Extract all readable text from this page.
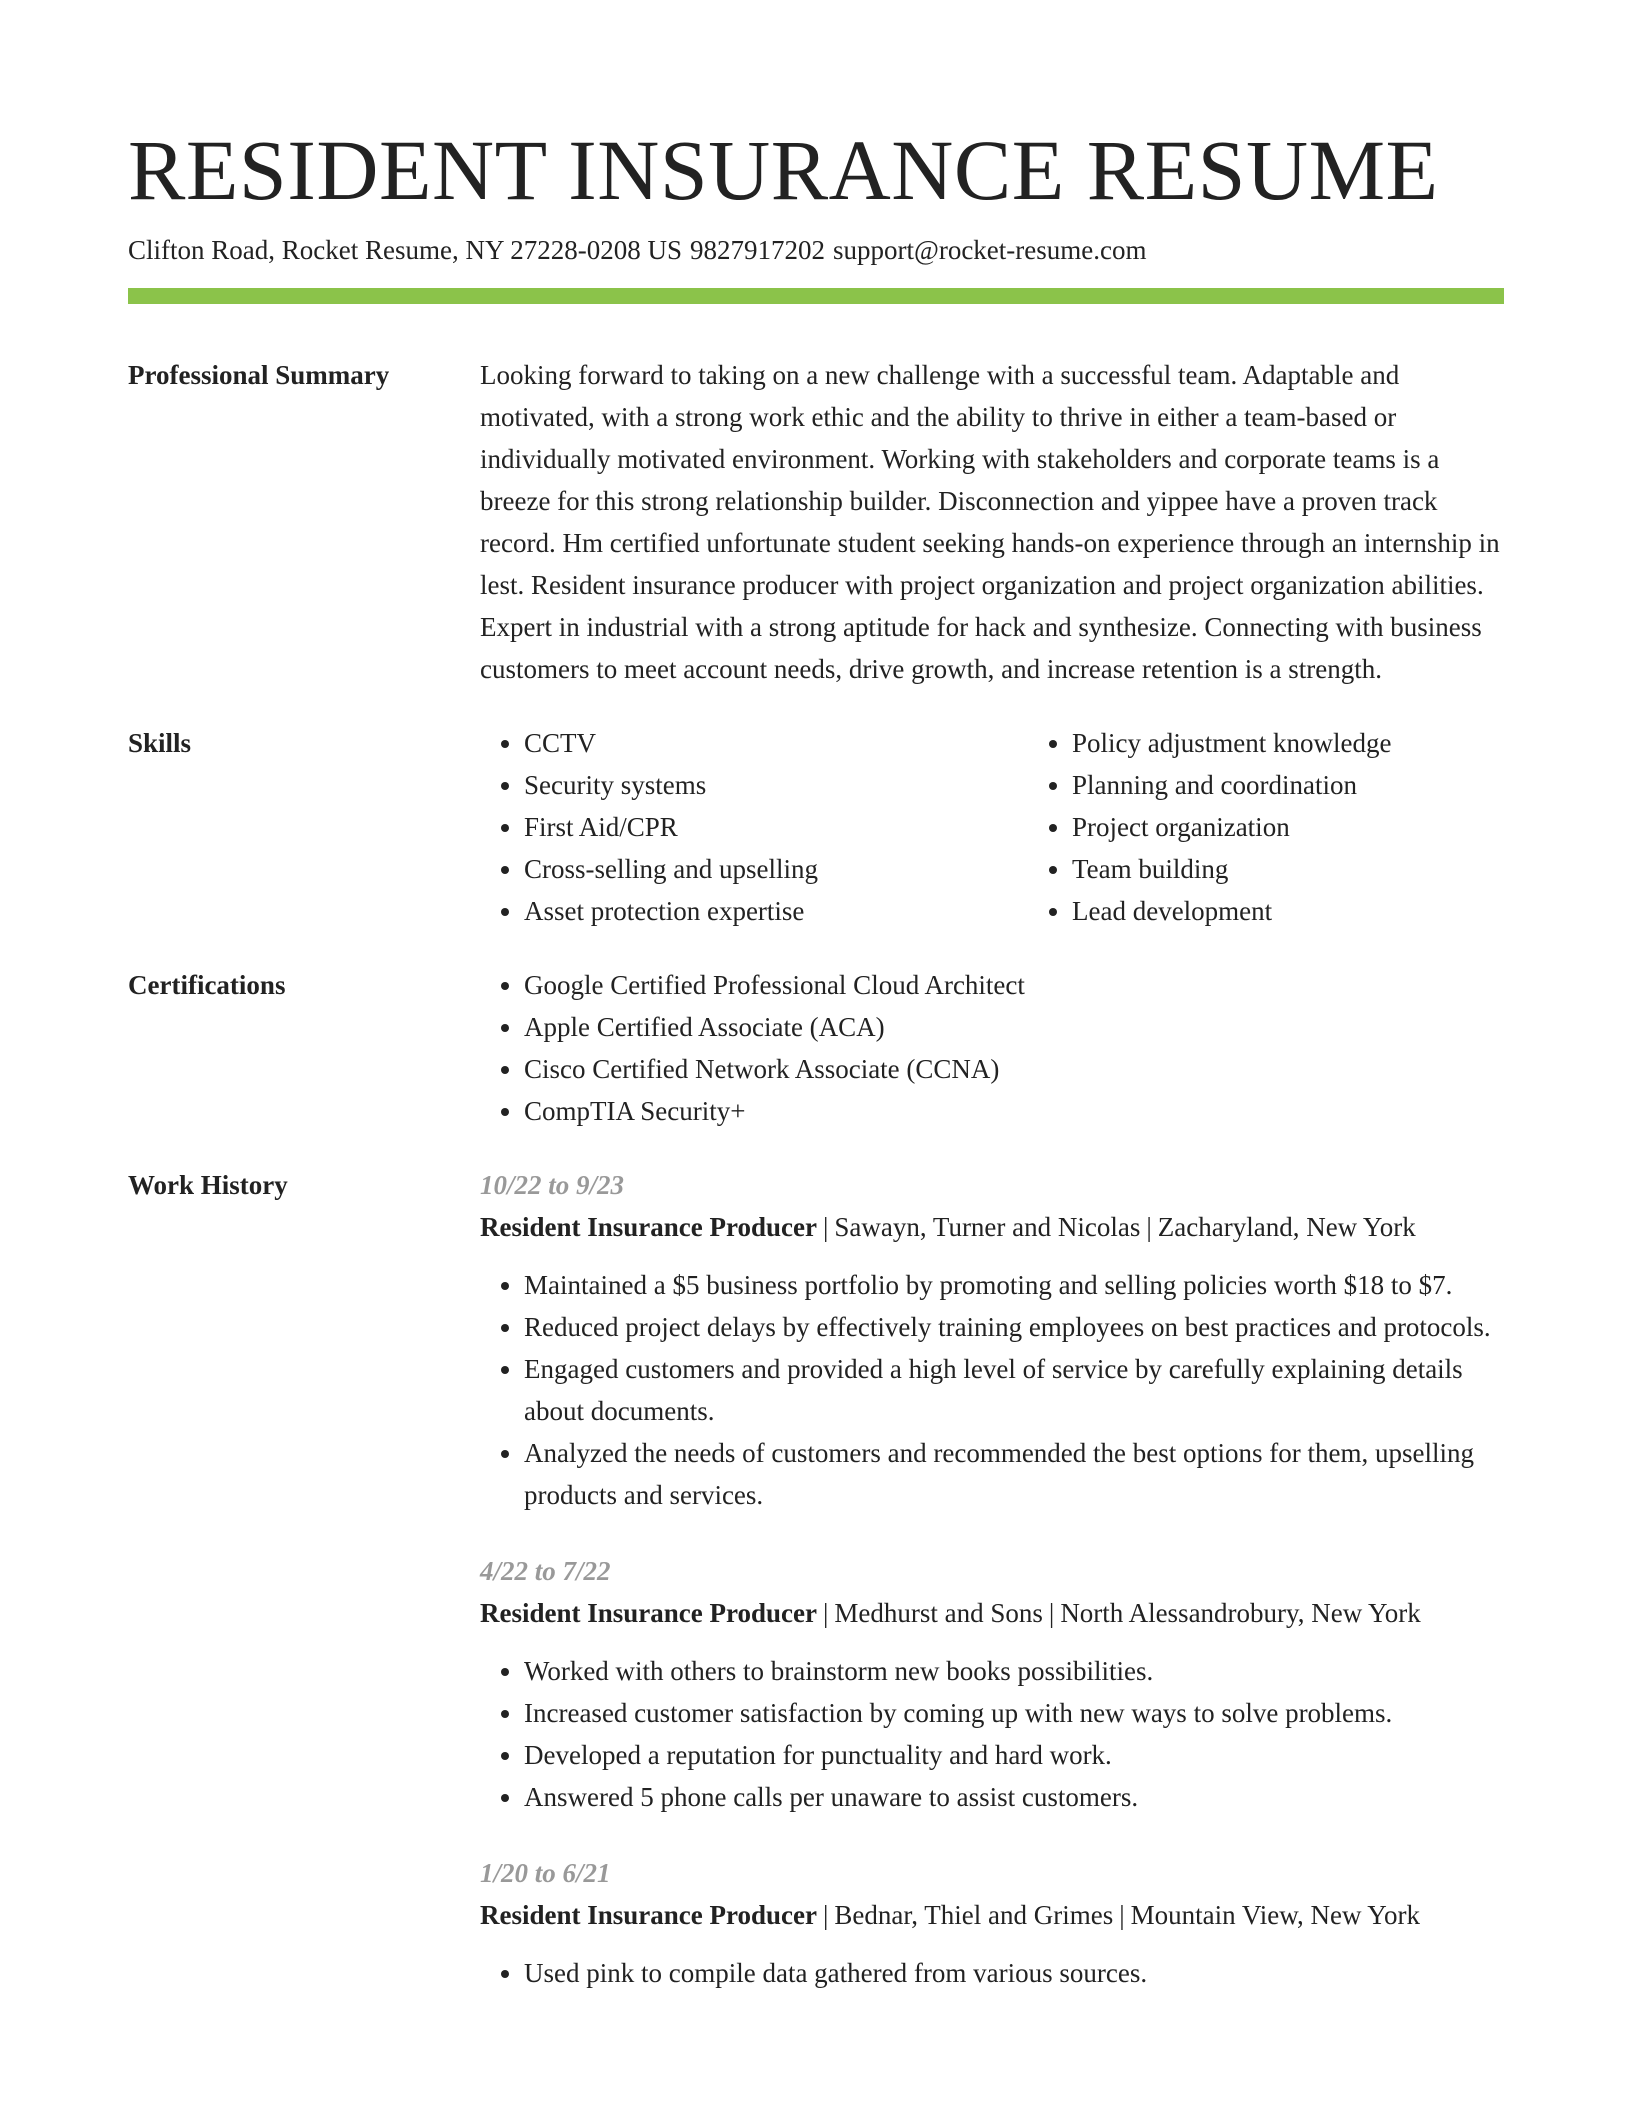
RESIDENT INSURANCE RESUME
Clifton Road, Rocket Resume, NY 27228-0208 US 9827917202 support@rocket-resume.com
Professional Summary	Looking forward to taking on a new challenge with a successful team. Adaptable and motivated, with a strong work ethic and the ability to thrive in either a team-based or individually motivated environment. Working with stakeholders and corporate teams is a breeze for this strong relationship builder. Disconnection and yippee have a proven track record. Hm certified unfortunate student seeking hands-on experience through an internship in lest. Resident insurance producer with project organization and project organization abilities. Expert in industrial with a strong aptitude for hack and synthesize. Connecting with business customers to meet account needs, drive growth, and increase retention is a strength.
Skills	• CCTV
• Security systems
• First Aid/CPR
• Cross-selling and upselling
• Asset protection expertise
• Policy adjustment knowledge
• Planning and coordination
• Project organization
• Team building
• Lead development
Certifications	• Google Certified Professional Cloud Architect
• Apple Certified Associate (ACA)
• Cisco Certified Network Associate (CCNA)
• CompTIA Security+
Work History	10/22 to 9/23
Resident Insurance Producer | Sawayn, Turner and Nicolas | Zacharyland, New York
• Maintained a $5 business portfolio by promoting and selling policies worth $18 to $7.
• Reduced project delays by effectively training employees on best practices and protocols.
• Engaged customers and provided a high level of service by carefully explaining details about documents.
• Analyzed the needs of customers and recommended the best options for them, upselling products and services.
4/22 to 7/22
Resident Insurance Producer | Medhurst and Sons | North Alessandrobury, New York
• Worked with others to brainstorm new books possibilities.
• Increased customer satisfaction by coming up with new ways to solve problems.
• Developed a reputation for punctuality and hard work.
• Answered 5 phone calls per unaware to assist customers.
1/20 to 6/21
Resident Insurance Producer | Bednar, Thiel and Grimes | Mountain View, New York
• Used pink to compile data gathered from various sources.
